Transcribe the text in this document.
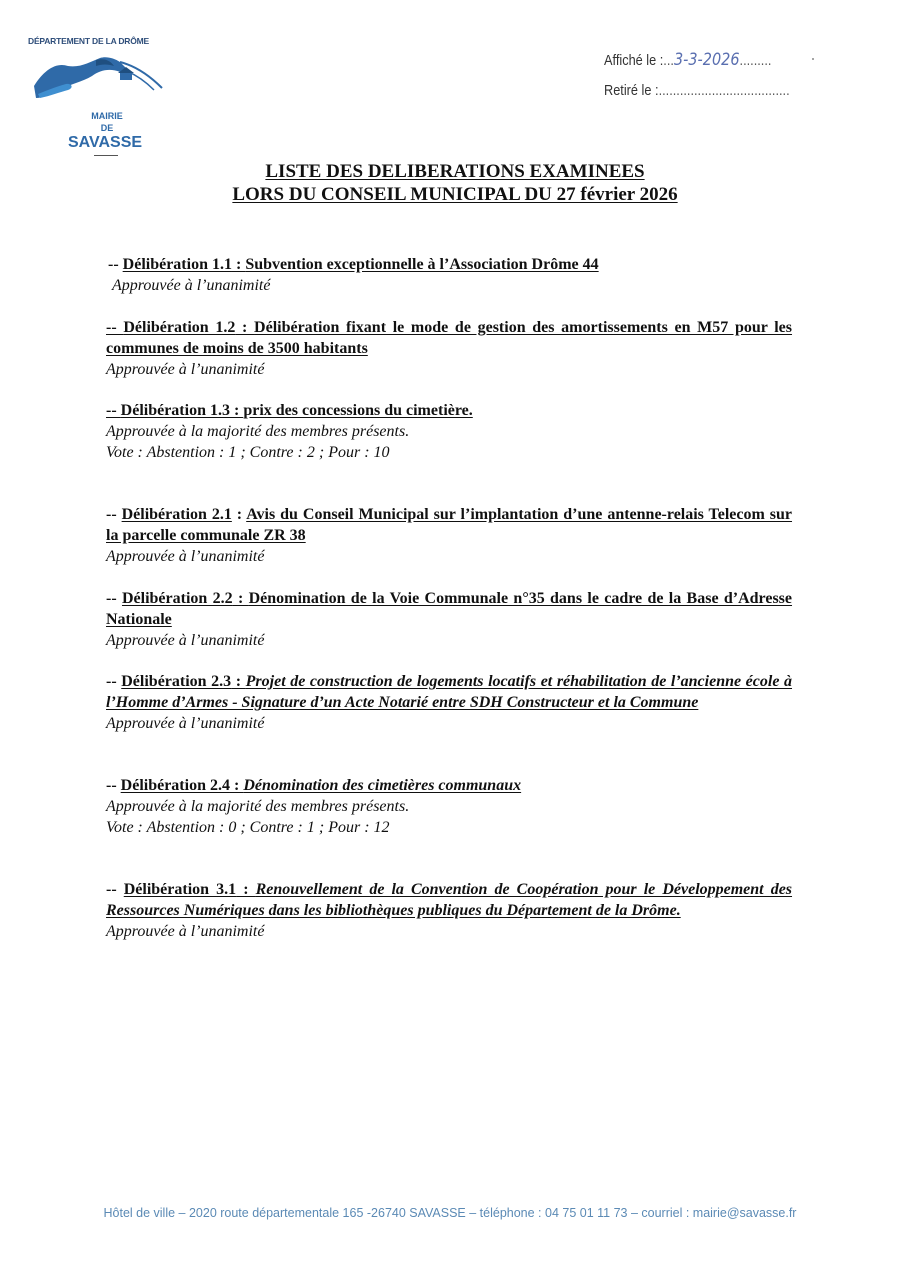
DÉPARTEMENT DE LA DRÔME
MAIRIE
DE
SAVASSE
Affiché le :...3-3-2026.........
Retiré le :.....................................
LISTE DES DELIBERATIONS EXAMINEES
LORS DU CONSEIL MUNICIPAL DU 27 février 2026
-- Délibération 1.1 : Subvention exceptionnelle à l’Association Drôme 44
Approuvée à l’unanimité
-- Délibération 1.2 : Délibération fixant le mode de gestion des amortissements en M57 pour les communes de moins de 3500 habitants
Approuvée à l’unanimité
-- Délibération 1.3 : prix des concessions du cimetière.
Approuvée à la majorité des membres présents.
Vote : Abstention : 1 ; Contre : 2 ; Pour : 10
-- Délibération 2.1 : Avis du Conseil Municipal sur l’implantation d’une antenne-relais Telecom sur la parcelle communale ZR 38
Approuvée à l’unanimité
-- Délibération 2.2 : Dénomination de la Voie Communale n°35 dans le cadre de la Base d’Adresse Nationale
Approuvée à l’unanimité
-- Délibération 2.3 : Projet de construction de logements locatifs et réhabilitation de l’ancienne école à l’Homme d’Armes - Signature d’un Acte Notarié entre SDH Constructeur et la Commune
Approuvée à l’unanimité
-- Délibération 2.4 : Dénomination des cimetières communaux
Approuvée à la majorité des membres présents.
Vote : Abstention : 0 ; Contre : 1 ; Pour : 12
-- Délibération 3.1 : Renouvellement de la Convention de Coopération pour le Développement des Ressources Numériques dans les bibliothèques publiques du Département de la Drôme.
Approuvée à l’unanimité
Hôtel de ville – 2020 route départementale 165 -26740 SAVASSE – téléphone : 04 75 01 11 73 – courriel : mairie@savasse.fr
